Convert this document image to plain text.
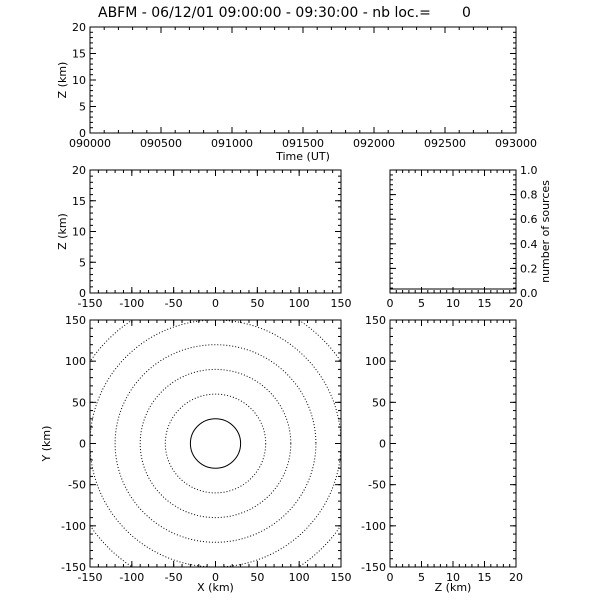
ABFM - 06/12/01 09:00:00 - 09:30:00 - nb loc.=       0
090000	090500	091000	091500	092000	092500	093000
0
5
10
15
20
Time (UT)
Z (km)
-150 -100 -50	0	50 100 150
0
5
10
15
20
Z (km)
0 5 10 15 20
0.0
0.2
0.4
0.6
0.8
1.0
number of sources
-150 -100 -50	0	50 100 150
-150
-100
-50
0
50
100
150
X (km)
Y (km)
0 5 10 15 20
-150
-100
-50
0
50
100
150
Z (km)
